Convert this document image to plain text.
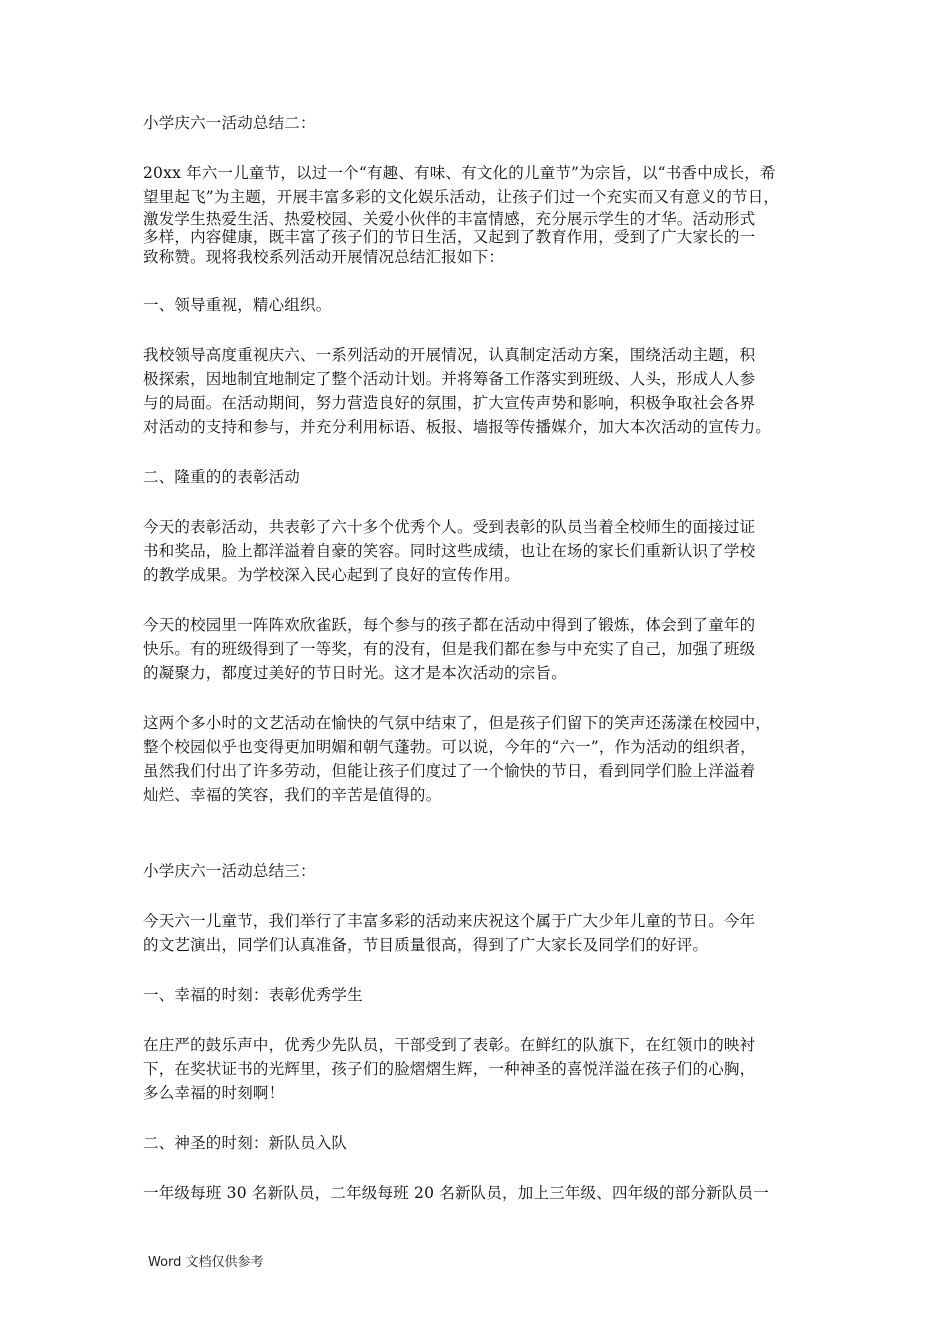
小学庆六一活动总结二：
20xx 年六一儿童节，以过一个“有趣、有味、有文化的儿童节”为宗旨，以“书香中成长，希
望里起飞”为主题，开展丰富多彩的文化娱乐活动，让孩子们过一个充实而又有意义的节日，
激发学生热爱生活、热爱校园、关爱小伙伴的丰富情感，充分展示学生的才华。活动形式
多样，内容健康，既丰富了孩子们的节日生活，又起到了教育作用，受到了广大家长的一
致称赞。现将我校系列活动开展情况总结汇报如下：
一、领导重视，精心组织。
我校领导高度重视庆六、一系列活动的开展情况，认真制定活动方案，围绕活动主题，积
极探索，因地制宜地制定了整个活动计划。并将筹备工作落实到班级、人头，形成人人参
与的局面。在活动期间，努力营造良好的氛围，扩大宣传声势和影响，积极争取社会各界
对活动的支持和参与，并充分利用标语、板报、墙报等传播媒介，加大本次活动的宣传力。
二、隆重的的表彰活动
今天的表彰活动，共表彰了六十多个优秀个人。受到表彰的队员当着全校师生的面接过证
书和奖品，脸上都洋溢着自豪的笑容。同时这些成绩，也让在场的家长们重新认识了学校
的教学成果。为学校深入民心起到了良好的宣传作用。
今天的校园里一阵阵欢欣雀跃，每个参与的孩子都在活动中得到了锻炼，体会到了童年的
快乐。有的班级得到了一等奖，有的没有，但是我们都在参与中充实了自己，加强了班级
的凝聚力，都度过美好的节日时光。这才是本次活动的宗旨。
这两个多小时的文艺活动在愉快的气氛中结束了，但是孩子们留下的笑声还荡漾在校园中，
整个校园似乎也变得更加明媚和朝气蓬勃。可以说，今年的“六一”，作为活动的组织者，
虽然我们付出了许多劳动，但能让孩子们度过了一个愉快的节日，看到同学们脸上洋溢着
灿烂、幸福的笑容，我们的辛苦是值得的。
小学庆六一活动总结三：
今天六一儿童节，我们举行了丰富多彩的活动来庆祝这个属于广大少年儿童的节日。今年
的文艺演出，同学们认真准备，节目质量很高，得到了广大家长及同学们的好评。
一、幸福的时刻：表彰优秀学生
在庄严的鼓乐声中，优秀少先队员，干部受到了表彰。在鲜红的队旗下，在红领巾的映衬
下，在奖状证书的光辉里，孩子们的脸熠熠生辉，一种神圣的喜悦洋溢在孩子们的心胸，
多么幸福的时刻啊！
二、神圣的时刻：新队员入队
一年级每班 30 名新队员，二年级每班 20 名新队员，加上三年级、四年级的部分新队员一
Word 文档仅供参考
